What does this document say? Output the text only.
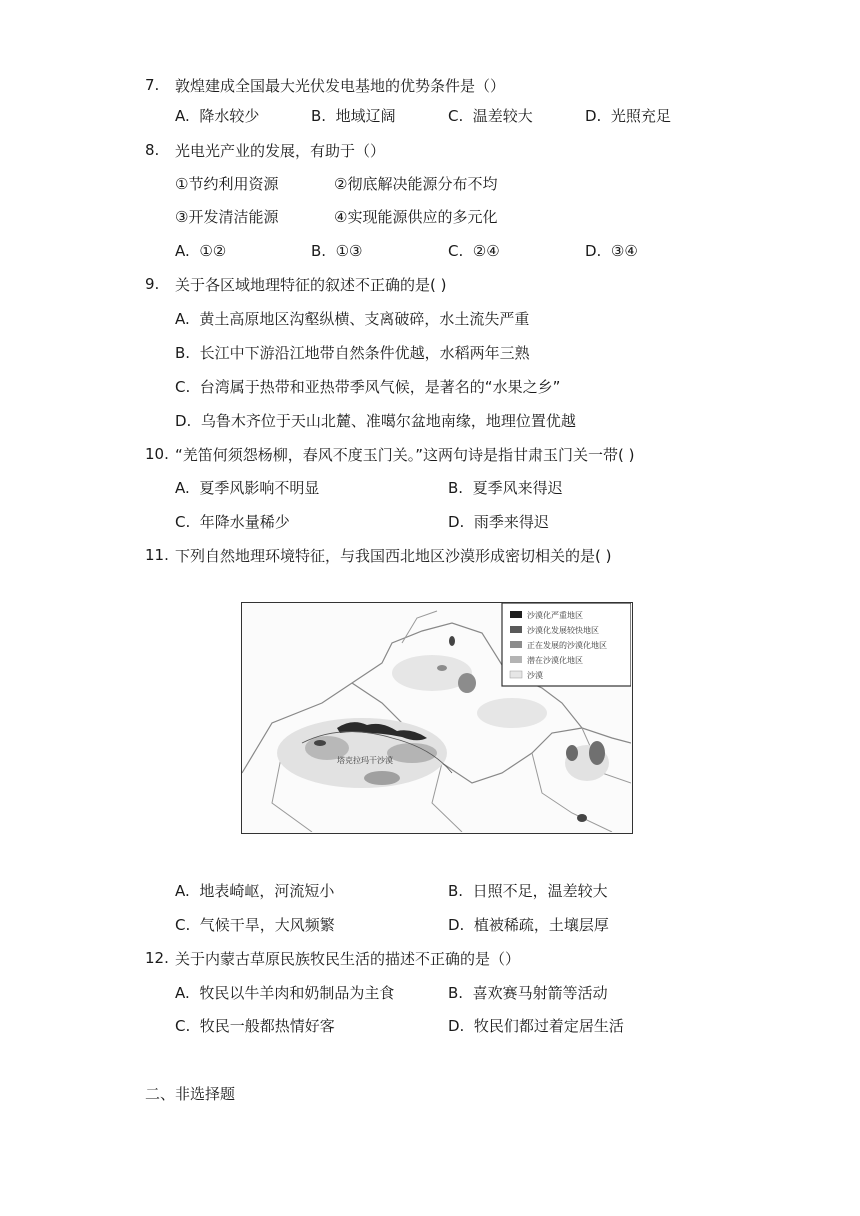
7. 敦煌建成全国最大光伏发电基地的优势条件是（）
A. 降水较少	B. 地域辽阔	C. 温差较大	D. 光照充足
8. 光电光产业的发展，有助于（）
①节约利用资源	②彻底解决能源分布不均
③开发清洁能源	④实现能源供应的多元化
A. ①②	B. ①③	C. ②④	D. ③④
9. 关于各区域地理特征的叙述不正确的是( )
A. 黄土高原地区沟壑纵横、支离破碎，水土流失严重
B. 长江中下游沿江地带自然条件优越，水稻两年三熟
C. 台湾属于热带和亚热带季风气候，是著名的“水果之乡”
D. 乌鲁木齐位于天山北麓、准噶尔盆地南缘，地理位置优越
10. “羌笛何须怨杨柳，春风不度玉门关。”这两句诗是指甘肃玉门关一带( )
A. 夏季风影响不明显	B. 夏季风来得迟
C. 年降水量稀少	D. 雨季来得迟
11. 下列自然地理环境特征，与我国西北地区沙漠形成密切相关的是( )
塔克拉玛干沙漠
沙漠化严重地区
沙漠化发展较快地区
正在发展的沙漠化地区
潜在沙漠化地区
沙漠
A. 地表崎岖，河流短小	B. 日照不足，温差较大
C. 气候干旱，大风频繁	D. 植被稀疏，土壤层厚
12. 关于内蒙古草原民族牧民生活的描述不正确的是（）
A. 牧民以牛羊肉和奶制品为主食	B. 喜欢赛马射箭等活动
C. 牧民一般都热情好客	D. 牧民们都过着定居生活
二、非选择题
